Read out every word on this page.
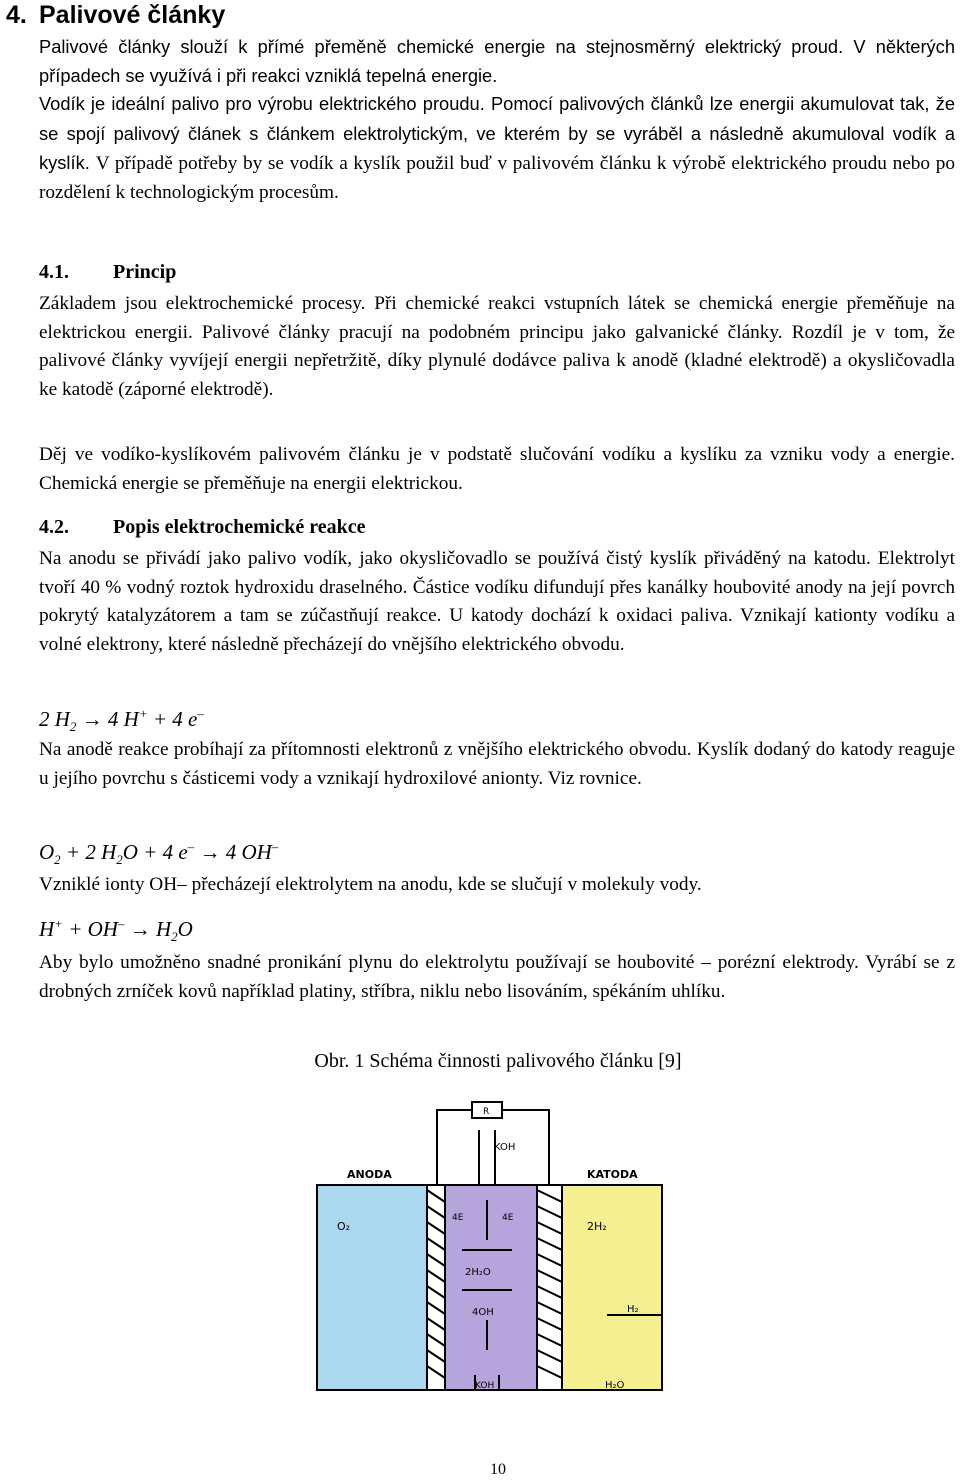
4. Palivové články

Palivové články slouží k přímé přeměně chemické energie na stejnosměrný elektrický proud. V některých případech se využívá i při reakci vzniklá tepelná energie.

Vodík je ideální palivo pro výrobu elektrického proudu. Pomocí palivových článků lze energii akumulovat tak, že se spojí palivový článek s článkem elektrolytickým, ve kterém by se vyráběl a následně akumuloval vodík a kyslík. V případě potřeby by se vodík a kyslík použil buď v palivovém článku k výrobě elektrického proudu nebo po rozdělení k technologickým procesům.

4.1. Princip

Základem jsou elektrochemické procesy. Při chemické reakci vstupních látek se chemická energie přeměňuje na elektrickou energii. Palivové články pracují na podobném principu jako galvanické články. Rozdíl je v tom, že palivové články vyvíjejí energii nepřetržitě, díky plynulé dodávce paliva k anodě (kladné elektrodě) a okysličovadla ke katodě (záporné elektrodě).

Děj ve vodíko-kyslíkovém palivovém článku je v podstatě slučování vodíku a kyslíku za vzniku vody a energie. Chemická energie se přeměňuje na energii elektrickou.

4.2. Popis elektrochemické reakce

Na anodu se přivádí jako palivo vodík, jako okysličovadlo se používá čistý kyslík přiváděný na katodu. Elektrolyt tvoří 40 % vodný roztok hydroxidu draselného. Částice vodíku difundují přes kanálky houbovité anody na její povrch pokrytý katalyzátorem a tam se zúčastňují reakce. U katody dochází k oxidaci paliva. Vznikají kationty vodíku a volné elektrony, které následně přecházejí do vnějšího elektrického obvodu.

2 $H_2 \to 4$ H+ + 4 e–

Na anodě reakce probíhají za přítomnosti elektronů z vnějšího elektrického obvodu. Kyslík dodaný do katody reaguje u jejího povrchu s částicemi vody a vznikají hydroxilové anionty. Viz rovnice.

$O_2 + 2$ $H_2O + 4$ e– → 4 OH–

Vzniklé ionty OH– přecházejí elektrolytem na anodu, kde se slučují v molekuly vody.

$H^+ + OH^- \to H_2O$

Aby bylo umožněno snadné pronikání plynu do elektrolytu používají se houbovité – porézní elektrody. Vyrábí se z drobných zrníček kovů například platiny, stříbra, niklu nebo lisováním, spékáním uhlíku.

Obr. 1 Schéma činnosti palivového článku [9]
R
KOH
ANODA	KATODA
O₂	2H₂
4E	4E
2H₂O
4OH	H₂
KOH	H₂O
10
